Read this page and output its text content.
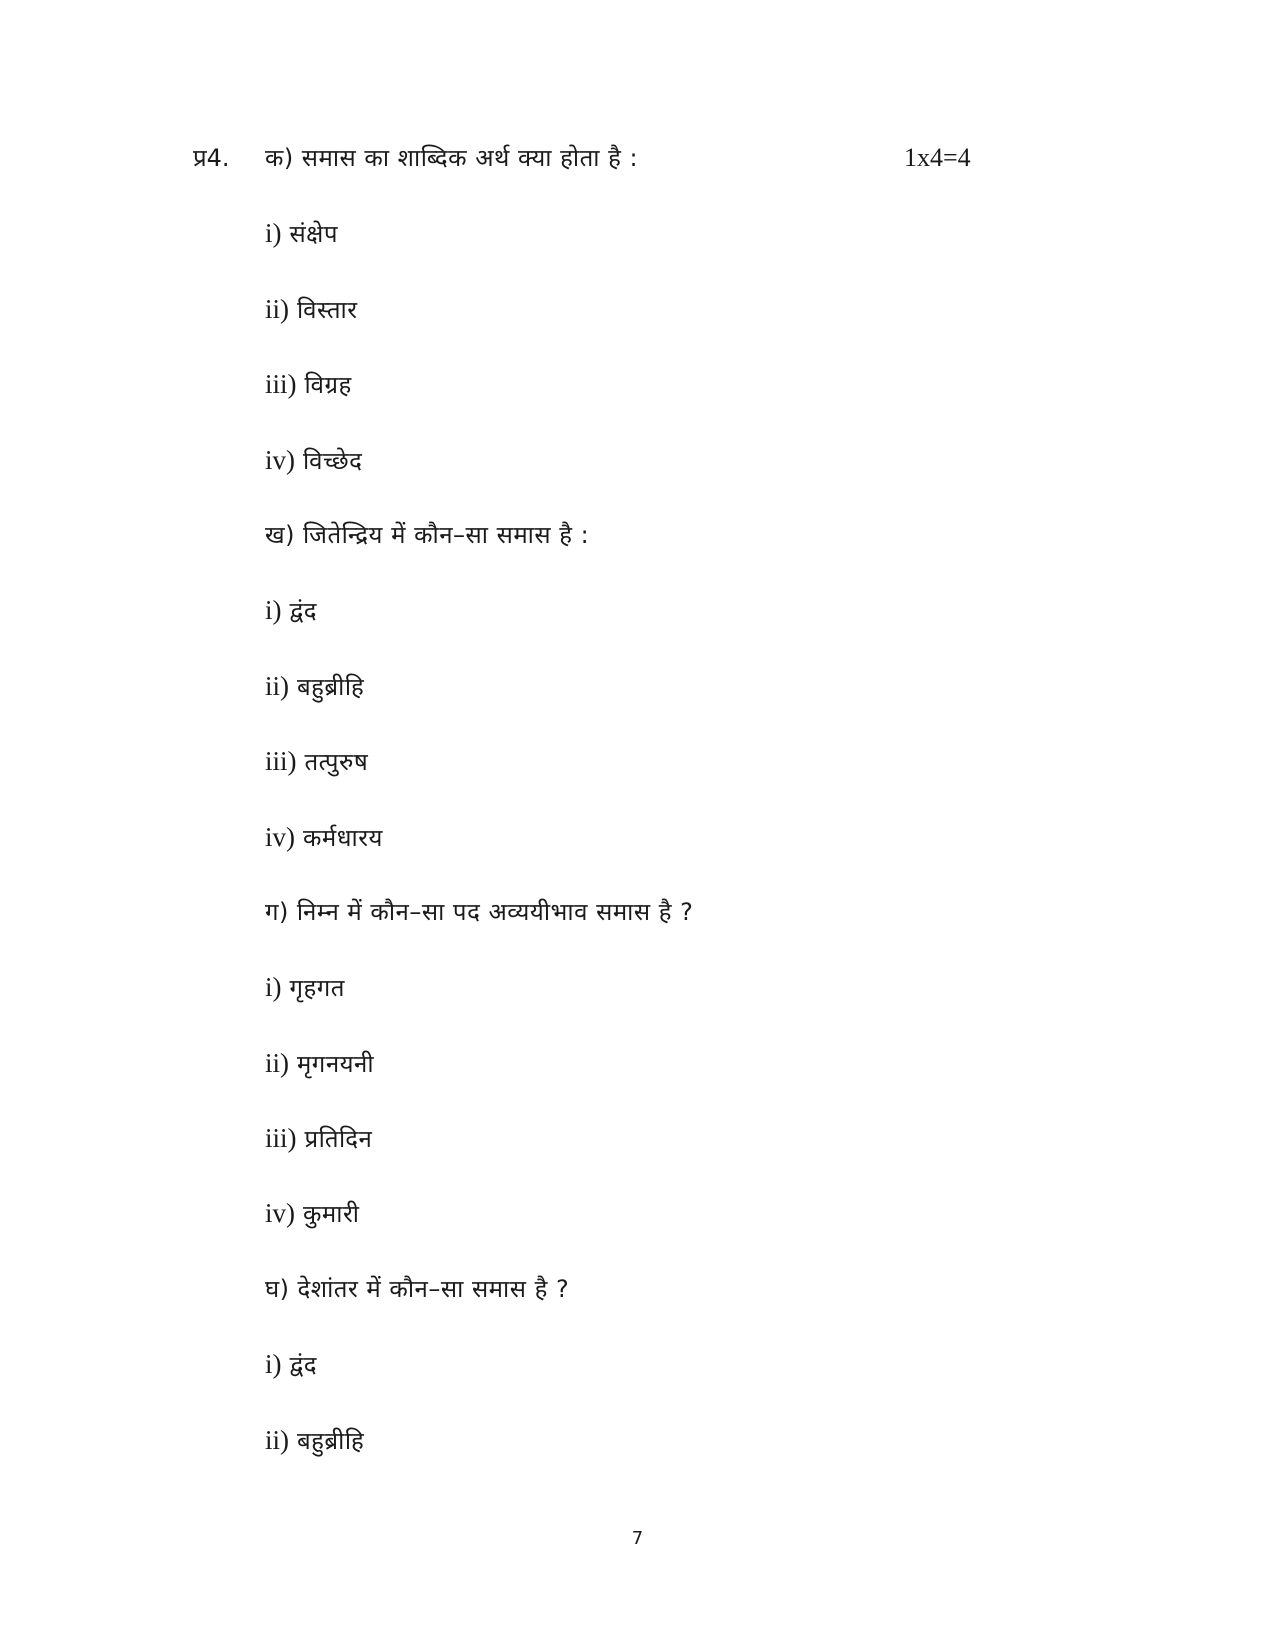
प्र4.	1x4=4
क) समास का शाब्दिक अर्थ क्या होता है :
i) संक्षेप
ii) विस्तार
iii) विग्रह
iv) विच्छेद
ख) जितेन्द्रिय में कौन–सा समास है :
i) द्वंद
ii) बहुब्रीहि
iii) तत्पुरुष
iv) कर्मधारय
ग) निम्न में कौन–सा पद अव्ययीभाव समास है ?
i) गृहगत
ii) मृगनयनी
iii) प्रतिदिन
iv) कुमारी
घ) देशांतर में कौन–सा समास है ?
i) द्वंद
ii) बहुब्रीहि
7
